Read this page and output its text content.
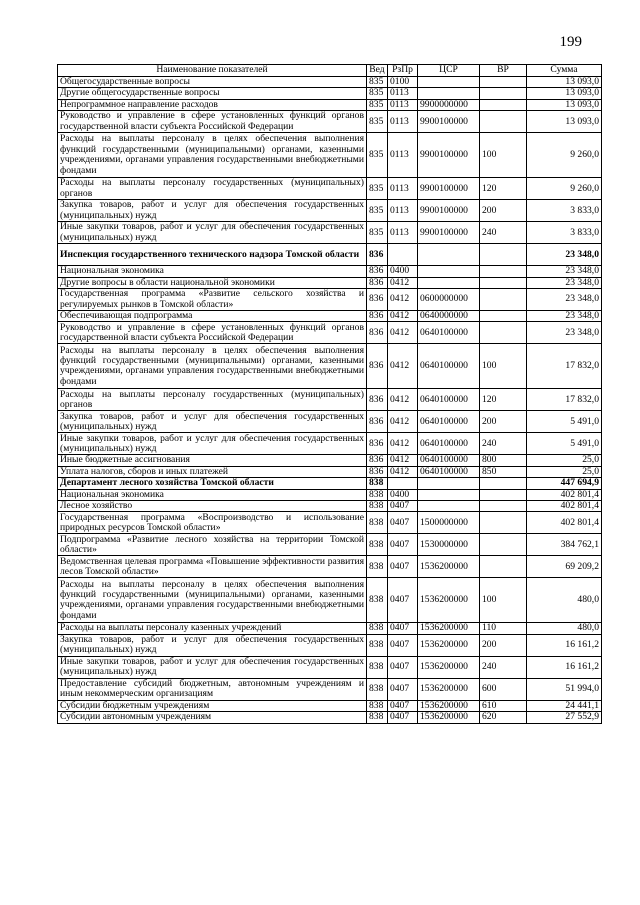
199
Наименование показателей	Вед	РзПр	ЦСР	ВР	Сумма
Общегосударственные вопросы	835	0100			13 093,0
Другие общегосударственные вопросы	835	0113			13 093,0
Непрограммное направление расходов	835	0113	9900000000		13 093,0
Руководство и управление в сфере установленных функций органов государственной власти субъекта Российской Федерации	835	0113	9900100000		13 093,0
Расходы на выплаты персоналу в целях обеспечения выполнения функций государственными (муниципальными) органами, казенными учреждениями, органами управления государственными внебюджетными фондами	835	0113	9900100000	100	9 260,0
Расходы на выплаты персоналу государственных (муниципальных) органов	835	0113	9900100000	120	9 260,0
Закупка товаров, работ и услуг для обеспечения государственных (муниципальных) нужд	835	0113	9900100000	200	3 833,0
Иные закупки товаров, работ и услуг для обеспечения государственных (муниципальных) нужд	835	0113	9900100000	240	3 833,0
Инспекция государственного технического надзора Томской области	836				23 348,0
Национальная экономика	836	0400			23 348,0
Другие вопросы в области национальной экономики	836	0412			23 348,0
Государственная программа «Развитие сельского хозяйства и регулируемых рынков в Томской области»	836	0412	0600000000		23 348,0
Обеспечивающая подпрограмма	836	0412	0640000000		23 348,0
Руководство и управление в сфере установленных функций органов государственной власти субъекта Российской Федерации	836	0412	0640100000		23 348,0
Расходы на выплаты персоналу в целях обеспечения выполнения функций государственными (муниципальными) органами, казенными учреждениями, органами управления государственными внебюджетными фондами	836	0412	0640100000	100	17 832,0
Расходы на выплаты персоналу государственных (муниципальных) органов	836	0412	0640100000	120	17 832,0
Закупка товаров, работ и услуг для обеспечения государственных (муниципальных) нужд	836	0412	0640100000	200	5 491,0
Иные закупки товаров, работ и услуг для обеспечения государственных (муниципальных) нужд	836	0412	0640100000	240	5 491,0
Иные бюджетные ассигнования	836	0412	0640100000	800	25,0
Уплата налогов, сборов и иных платежей	836	0412	0640100000	850	25,0
Департамент лесного хозяйства Томской области	838				447 694,9
Национальная экономика	838	0400			402 801,4
Лесное хозяйство	838	0407			402 801,4
Государственная программа «Воспроизводство и использование природных ресурсов Томской области»	838	0407	1500000000		402 801,4
Подпрограмма «Развитие лесного хозяйства на территории Томской области»	838	0407	1530000000		384 762,1
Ведомственная целевая программа «Повышение эффективности развития лесов Томской области»	838	0407	1536200000		69 209,2
Расходы на выплаты персоналу в целях обеспечения выполнения функций государственными (муниципальными) органами, казенными учреждениями, органами управления государственными внебюджетными фондами	838	0407	1536200000	100	480,0
Расходы на выплаты персоналу казенных учреждений	838	0407	1536200000	110	480,0
Закупка товаров, работ и услуг для обеспечения государственных (муниципальных) нужд	838	0407	1536200000	200	16 161,2
Иные закупки товаров, работ и услуг для обеспечения государственных (муниципальных) нужд	838	0407	1536200000	240	16 161,2
Предоставление субсидий бюджетным, автономным учреждениям и иным некоммерческим организациям	838	0407	1536200000	600	51 994,0
Субсидии бюджетным учреждениям	838	0407	1536200000	610	24 441,1
Субсидии автономным учреждениям	838	0407	1536200000	620	27 552,9
